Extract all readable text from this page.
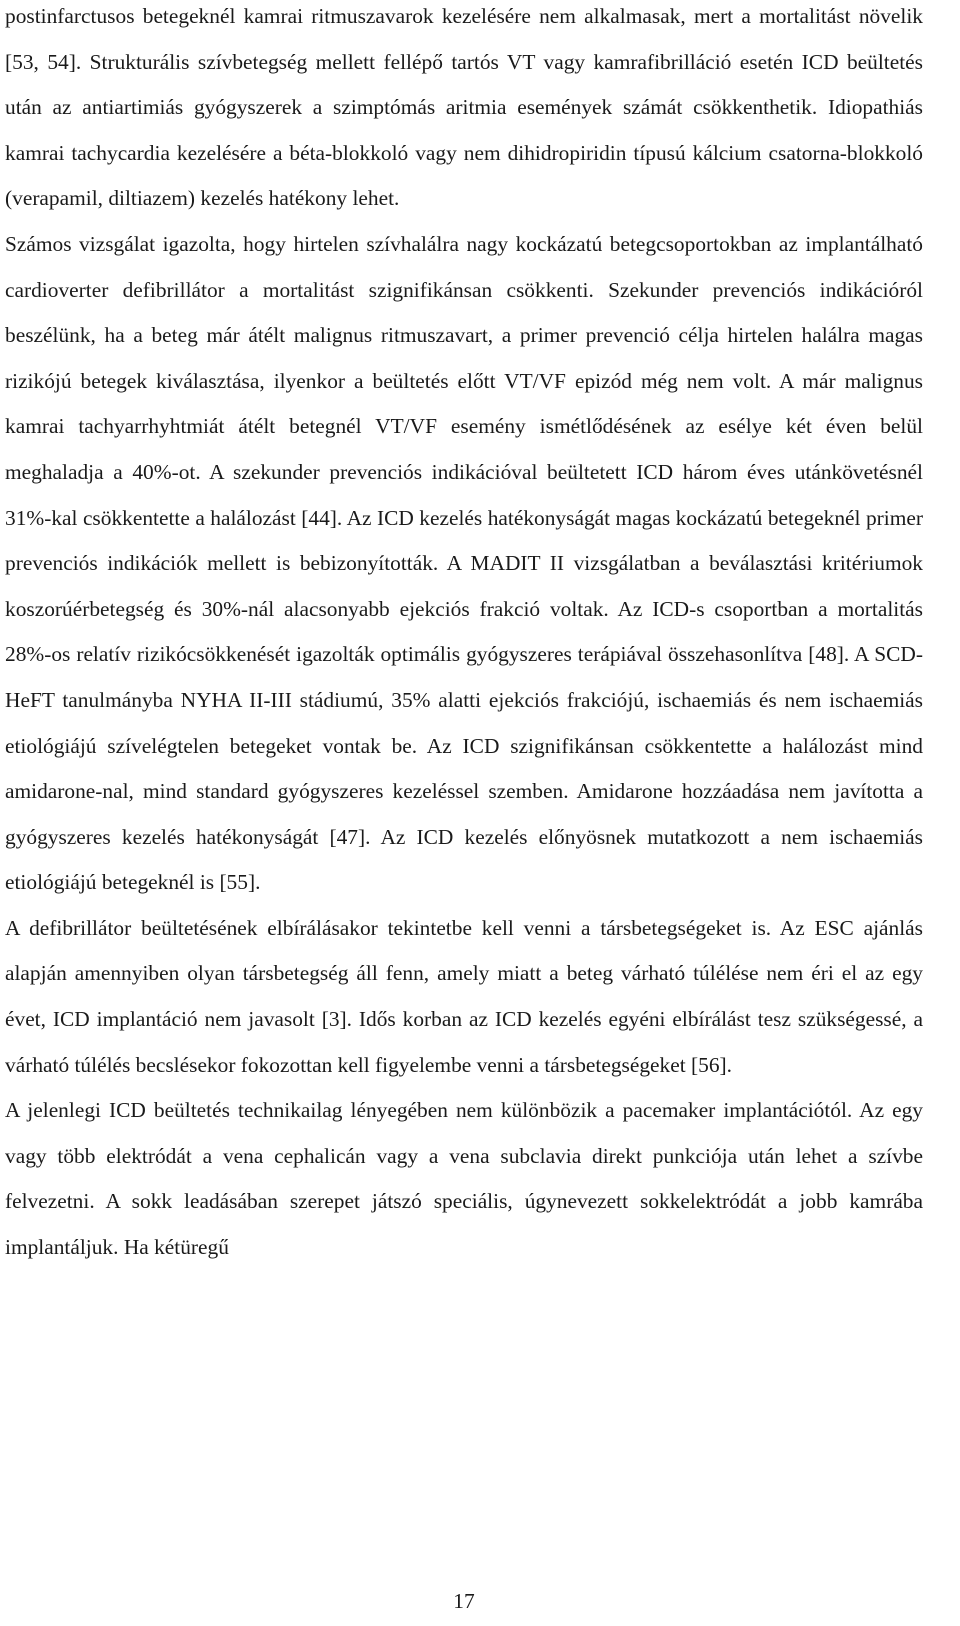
postinfarctusos betegeknél kamrai ritmuszavarok kezelésére nem alkalmasak, mert a mortalitást növelik [53, 54]. Strukturális szívbetegség mellett fellépő tartós VT vagy kamrafibrilláció esetén ICD beültetés után az antiartimiás gyógyszerek a szimptómás aritmia események számát csökkenthetik. Idiopathiás kamrai tachycardia kezelésére a béta-blokkoló vagy nem dihidropiridin típusú kálcium csatorna-blokkoló (verapamil, diltiazem) kezelés hatékony lehet.

Számos vizsgálat igazolta, hogy hirtelen szívhalálra nagy kockázatú betegcsoportokban az implantálható cardioverter defibrillátor a mortalitást szignifikánsan csökkenti. Szekunder prevenciós indikációról beszélünk, ha a beteg már átélt malignus ritmuszavart, a primer prevenció célja hirtelen halálra magas rizikójú betegek kiválasztása, ilyenkor a beültetés előtt VT/VF epizód még nem volt. A már malignus kamrai tachyarrhyhtmiát átélt betegnél VT/VF esemény ismétlődésének az esélye két éven belül meghaladja a 40%-ot. A szekunder prevenciós indikációval beültetett ICD három éves utánkövetésnél 31%-kal csökkentette a halálozást [44]. Az ICD kezelés hatékonyságát magas kockázatú betegeknél primer prevenciós indikációk mellett is bebizonyították. A MADIT II vizsgálatban a beválasztási kritériumok koszorúérbetegség és 30%-nál alacsonyabb ejekciós frakció voltak. Az ICD-s csoportban a mortalitás 28%-os relatív rizikócsökkenését igazolták optimális gyógyszeres terápiával összehasonlítva [48]. A SCD-HeFT tanulmányba NYHA II-III stádiumú, 35% alatti ejekciós frakciójú, ischaemiás és nem ischaemiás etiológiájú szívelégtelen betegeket vontak be. Az ICD szignifikánsan csökkentette a halálozást mind amidarone-nal, mind standard gyógyszeres kezeléssel szemben. Amidarone hozzáadása nem javította a gyógyszeres kezelés hatékonyságát [47]. Az ICD kezelés előnyösnek mutatkozott a nem ischaemiás etiológiájú betegeknél is [55].

A defibrillátor beültetésének elbírálásakor tekintetbe kell venni a társbetegségeket is. Az ESC ajánlás alapján amennyiben olyan társbetegség áll fenn, amely miatt a beteg várható túlélése nem éri el az egy évet, ICD implantáció nem javasolt [3]. Idős korban az ICD kezelés egyéni elbírálást tesz szükségessé, a várható túlélés becslésekor fokozottan kell figyelembe venni a társbetegségeket [56].

A jelenlegi ICD beültetés technikailag lényegében nem különbözik a pacemaker implantációtól. Az egy vagy több elektródát a vena cephalicán vagy a vena subclavia direkt punkciója után lehet a szívbe felvezetni. A sokk leadásában szerepet játszó speciális, úgynevezett sokkelektródát a jobb kamrába implantáljuk. Ha kétüregű

17
